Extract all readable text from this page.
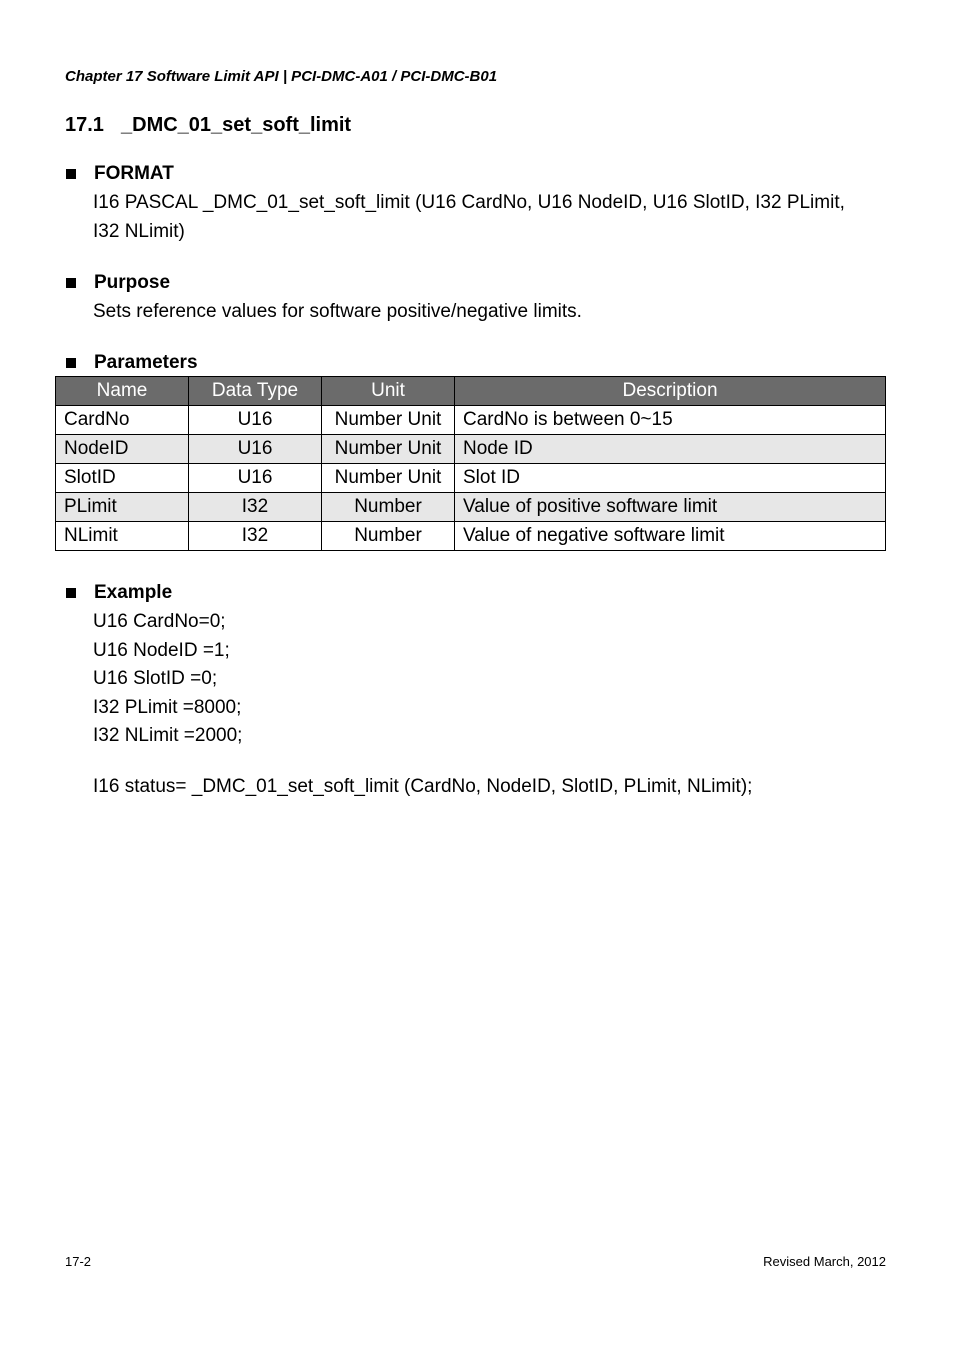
Chapter 17 Software Limit API | PCI-DMC-A01 / PCI-DMC-B01
17.1 _DMC_01_set_soft_limit
FORMAT
I16 PASCAL _DMC_01_set_soft_limit (U16 CardNo, U16 NodeID, U16 SlotID, I32 PLimit,
I32 NLimit)
Purpose
Sets reference values for software positive/negative limits.
Parameters
Name	Data Type	Unit	Description
CardNo	U16	Number Unit	CardNo is between 0~15
NodeID	U16	Number Unit	Node ID
SlotID	U16	Number Unit	Slot ID
PLimit	I32	Number	Value of positive software limit
NLimit	I32	Number	Value of negative software limit
Example
U16 CardNo=0;
U16 NodeID =1;
U16 SlotID =0;
I32 PLimit =8000;
I32 NLimit =2000;
I16 status= _DMC_01_set_soft_limit (CardNo, NodeID, SlotID, PLimit, NLimit);
17-2	Revised March, 2012
